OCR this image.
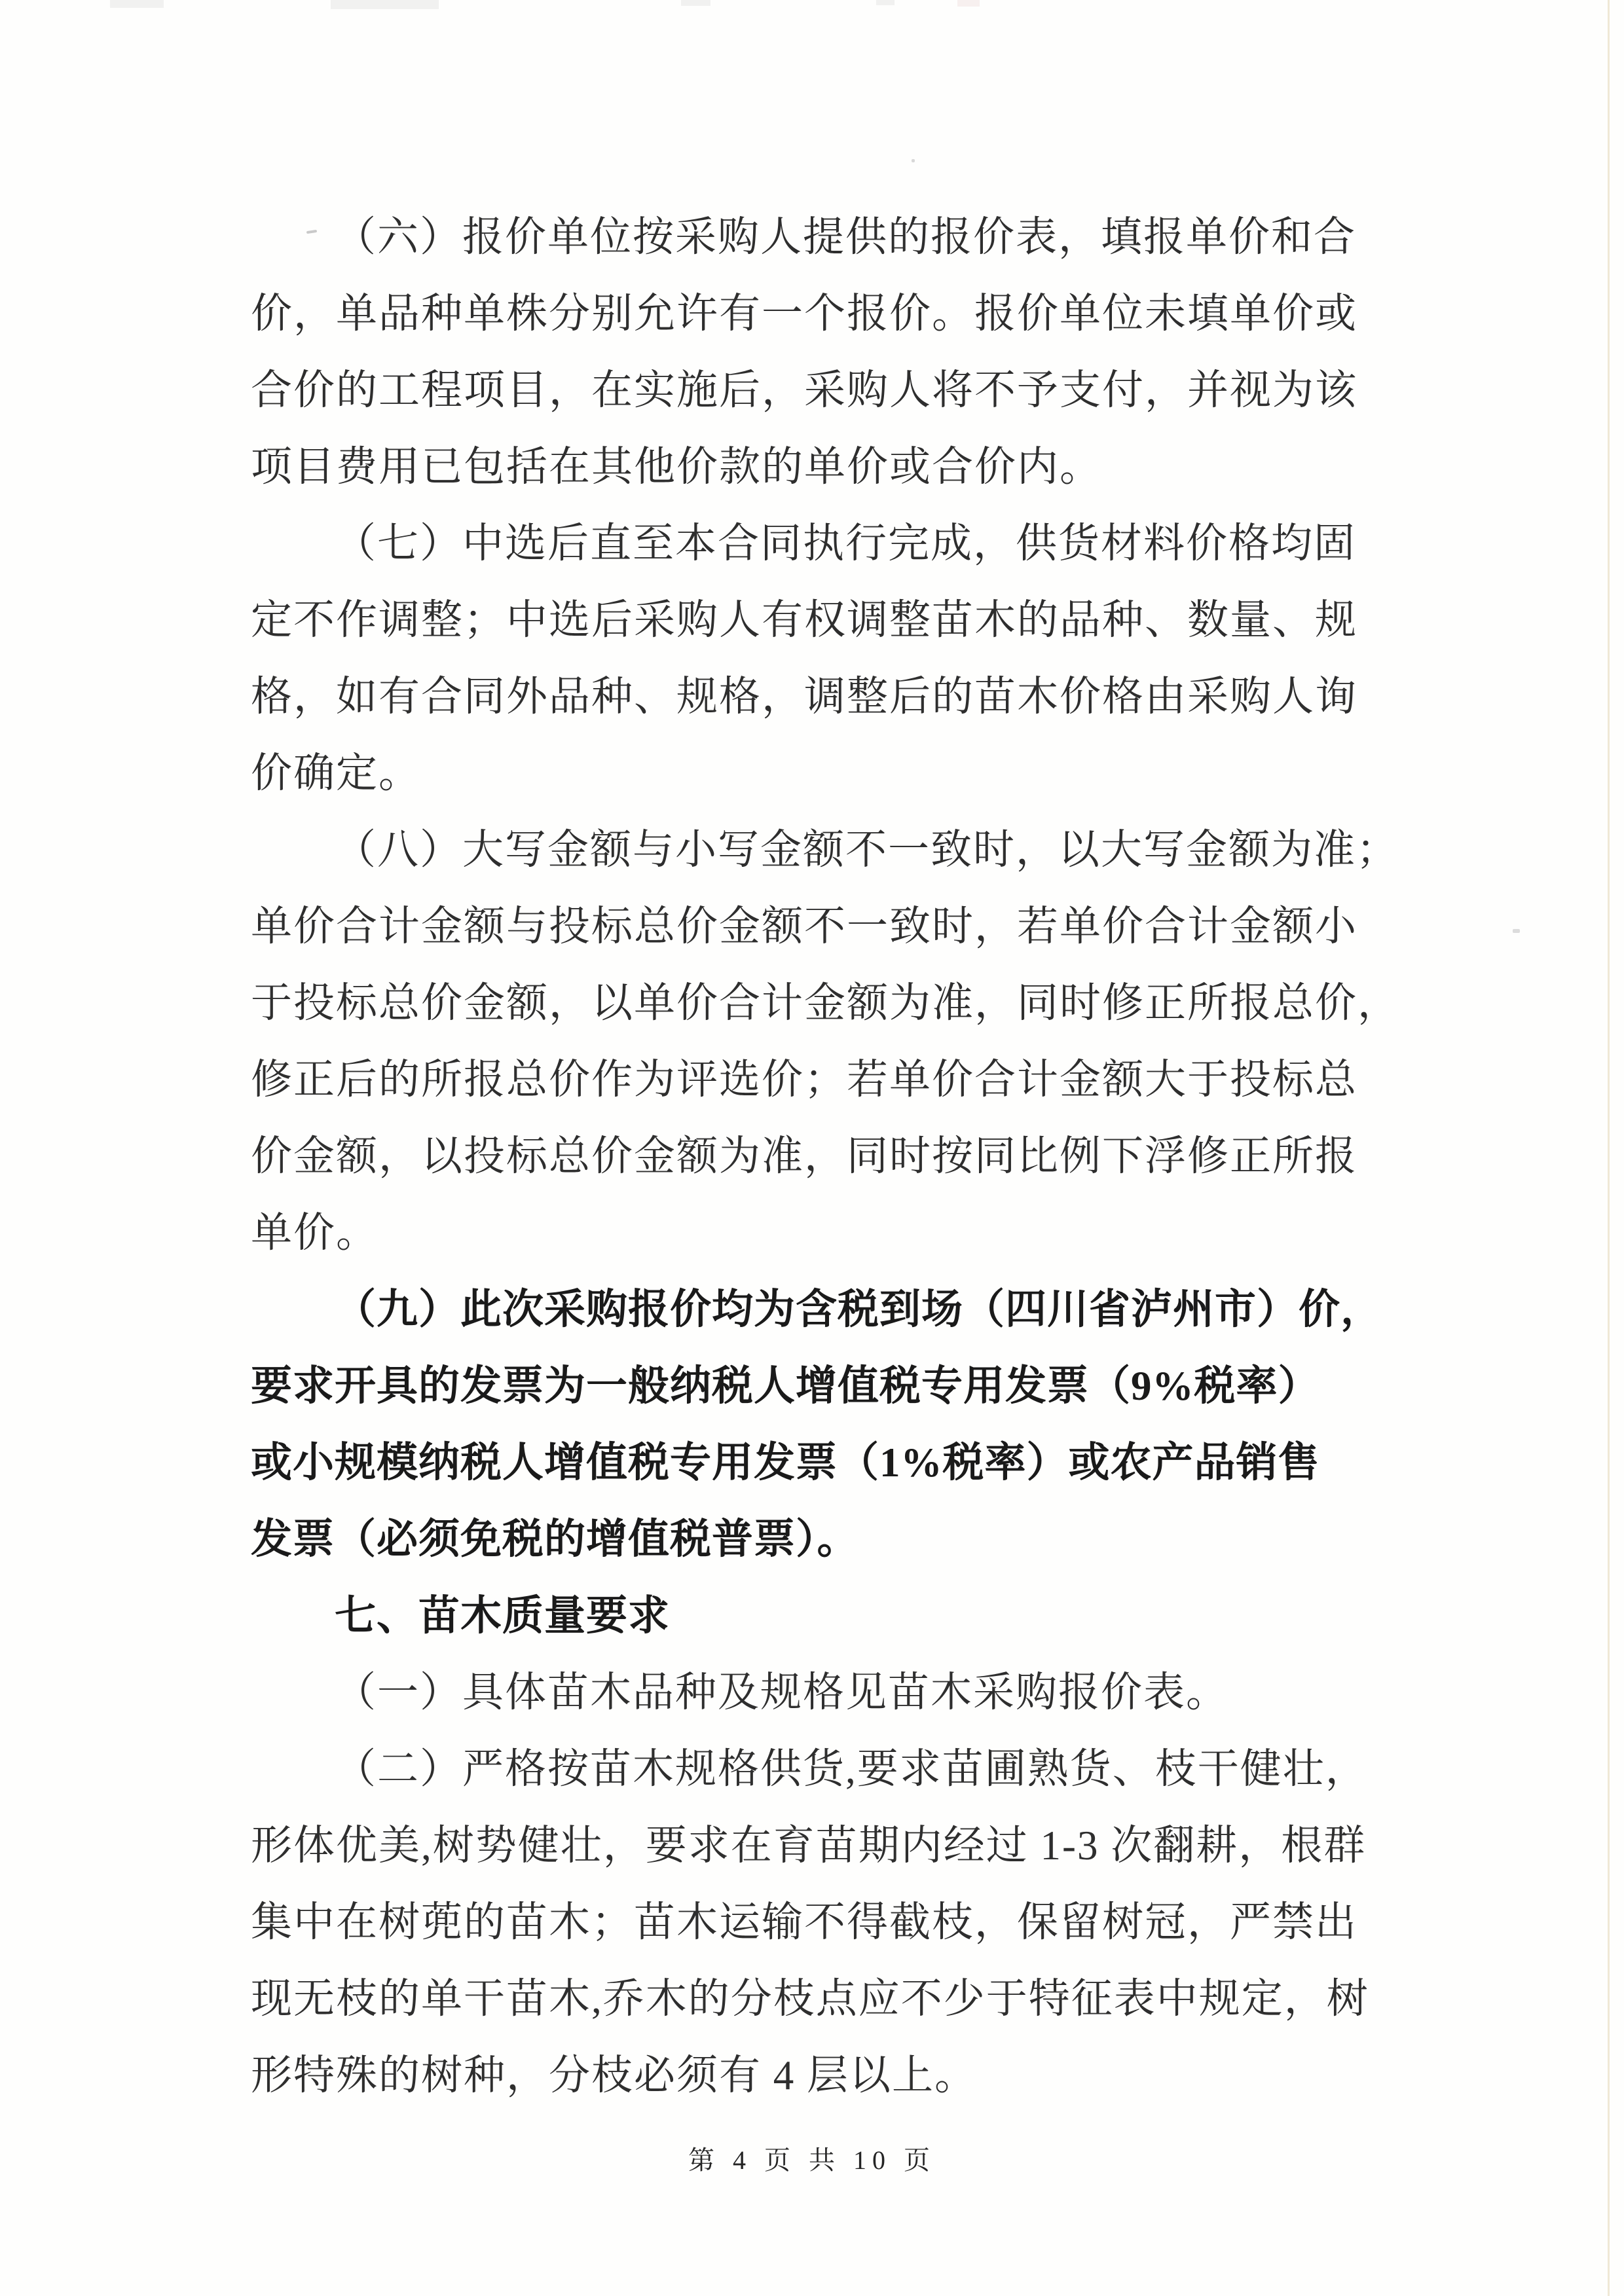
（六）报价单位按采购人提供的报价表，填报单价和合
价，单品种单株分别允许有一个报价。报价单位未填单价或
合价的工程项目，在实施后，采购人将不予支付，并视为该
项目费用已包括在其他价款的单价或合价内。
（七）中选后直至本合同执行完成，供货材料价格均固
定不作调整；中选后采购人有权调整苗木的品种、数量、规
格，如有合同外品种、规格，调整后的苗木价格由采购人询
价确定。
（八）大写金额与小写金额不一致时，以大写金额为准；
单价合计金额与投标总价金额不一致时，若单价合计金额小
于投标总价金额，以单价合计金额为准，同时修正所报总价，
修正后的所报总价作为评选价；若单价合计金额大于投标总
价金额，以投标总价金额为准，同时按同比例下浮修正所报
单价。
（九）此次采购报价均为含税到场（四川省泸州市）价，
要求开具的发票为一般纳税人增值税专用发票（9%税率）
或小规模纳税人增值税专用发票（1%税率）或农产品销售
发票（必须免税的增值税普票）。
七、苗木质量要求
（一）具体苗木品种及规格见苗木采购报价表。
（二）严格按苗木规格供货,要求苗圃熟货、枝干健壮，
形体优美,树势健壮，要求在育苗期内经过 1-3 次翻耕，根群
集中在树蔸的苗木；苗木运输不得截枝，保留树冠，严禁出
现无枝的单干苗木,乔木的分枝点应不少于特征表中规定，树
形特殊的树种，分枝必须有 4 层以上。
第 4 页 共 10 页
